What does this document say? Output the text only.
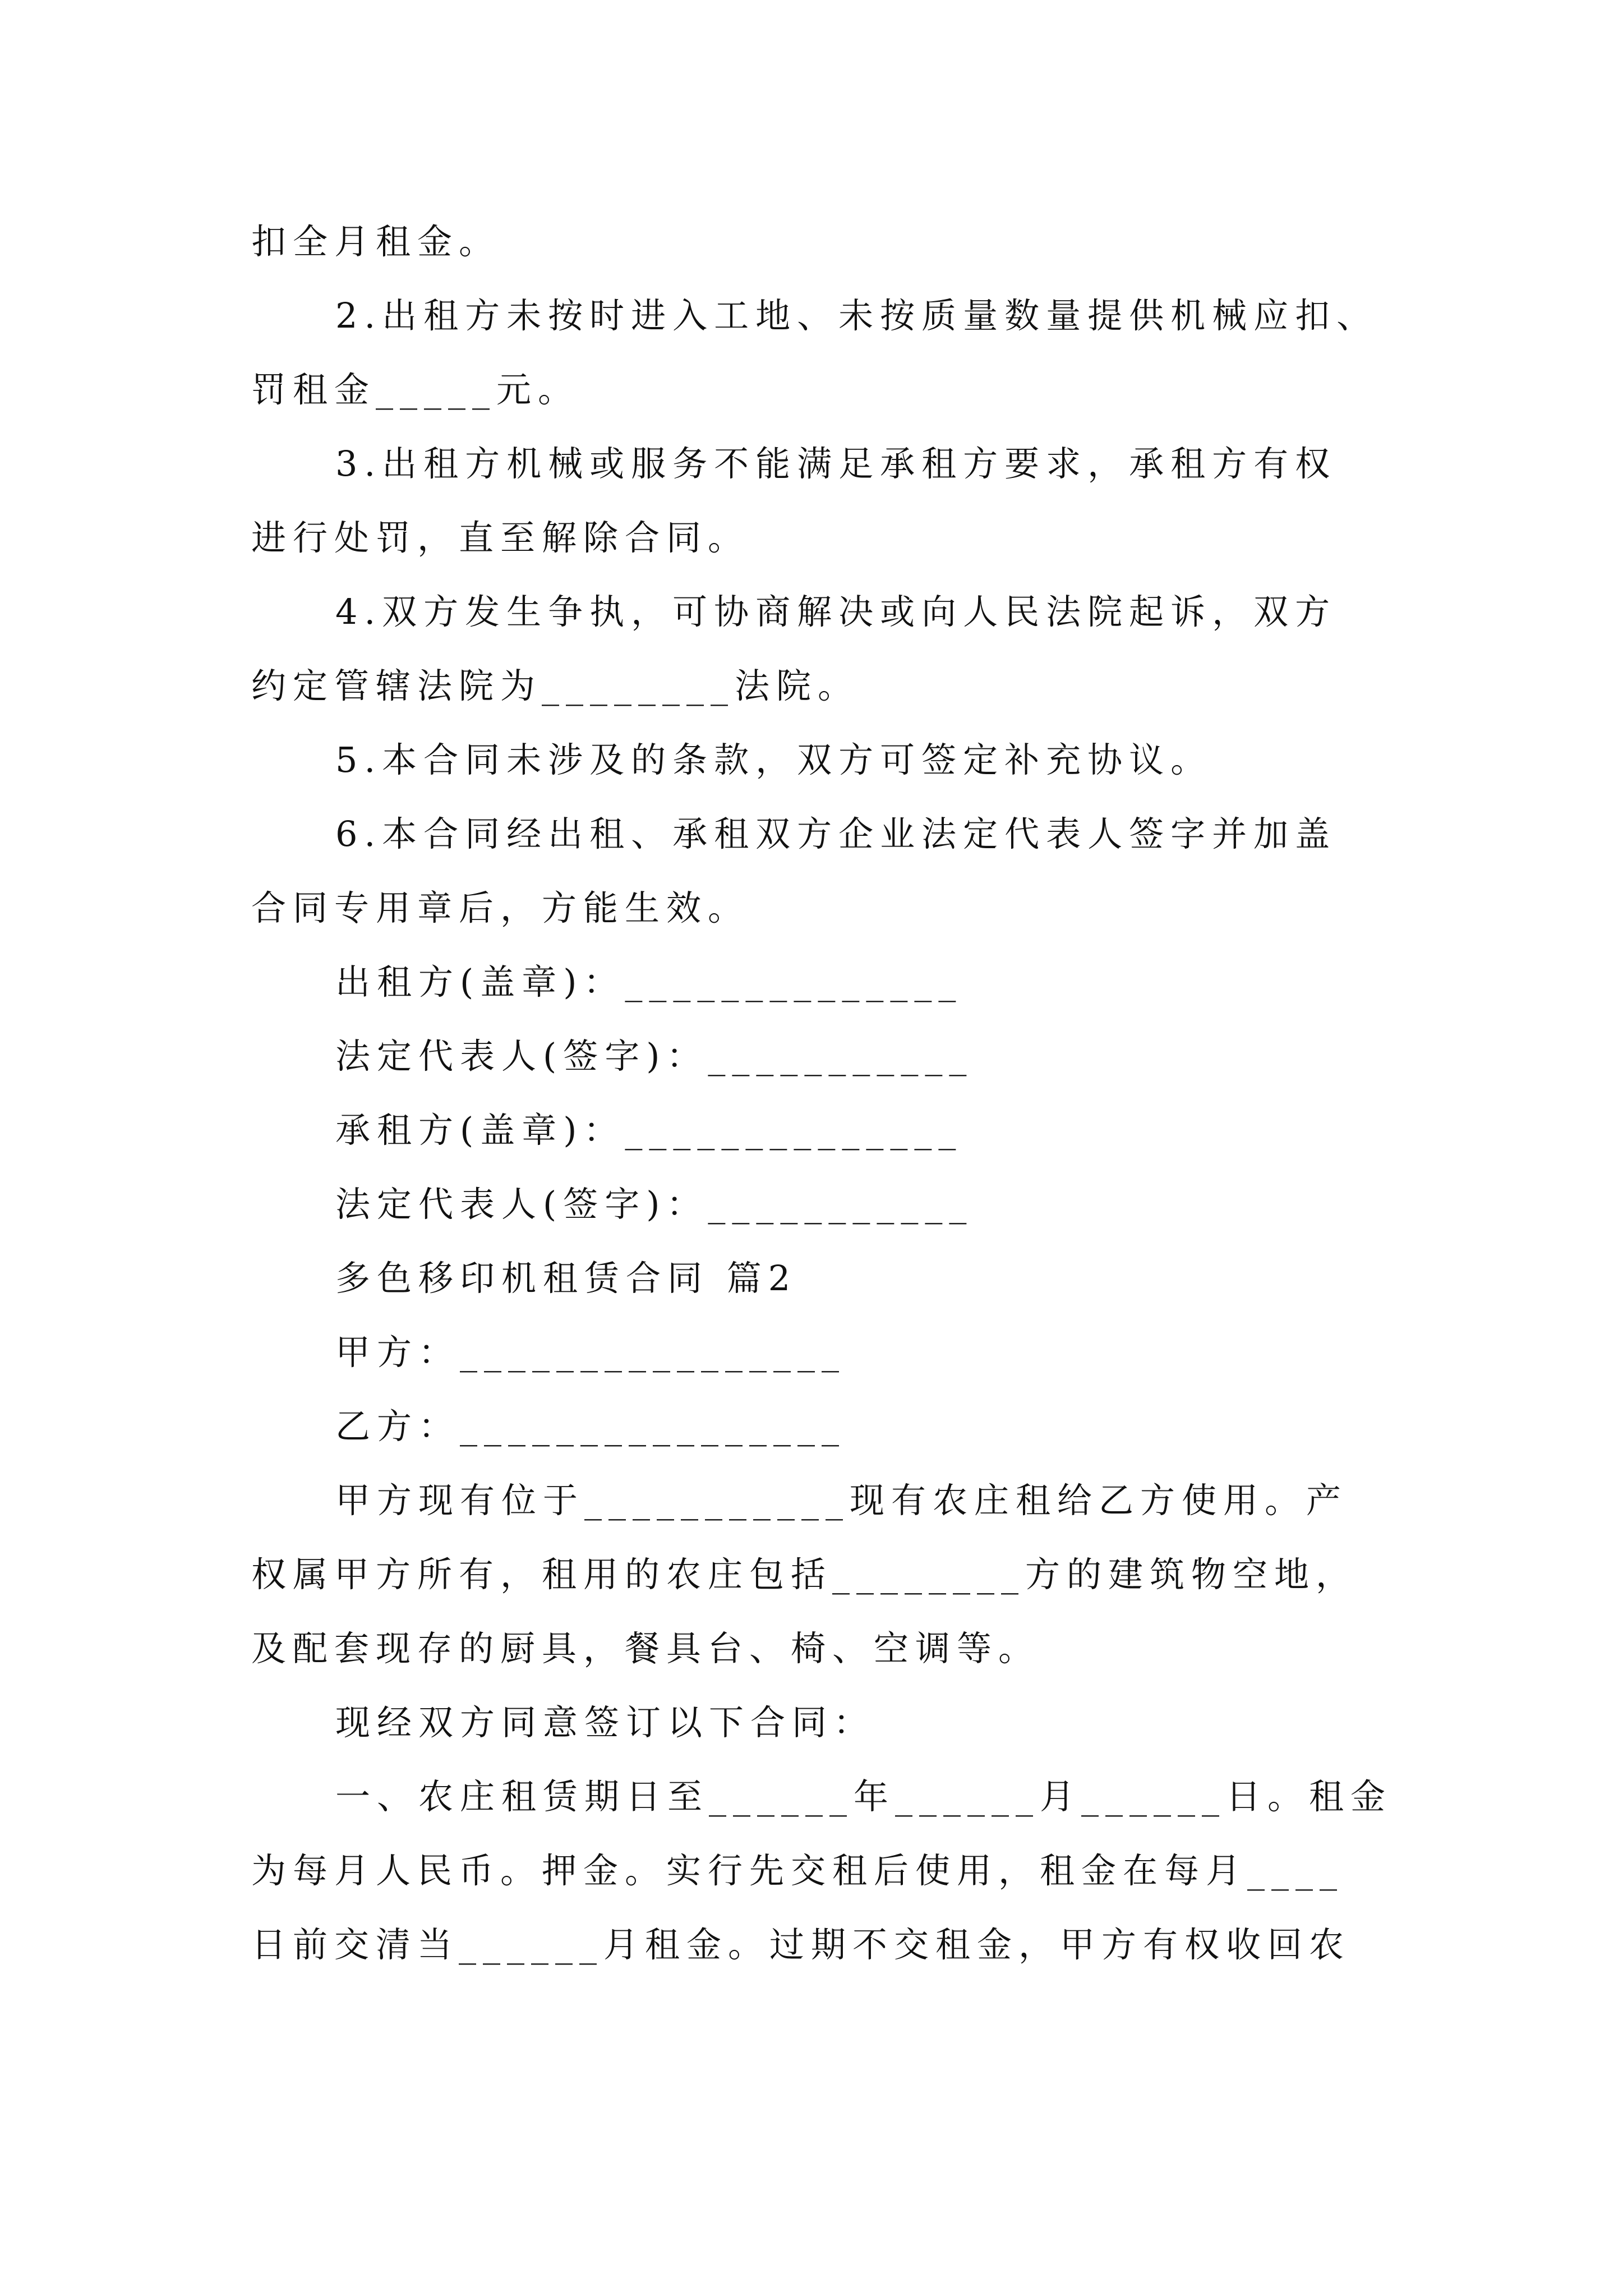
扣全月租金。
2.出租方未按时进入工地、未按质量数量提供机械应扣、
罚租金_____元。
3.出租方机械或服务不能满足承租方要求，承租方有权
进行处罚，直至解除合同。
4.双方发生争执，可协商解决或向人民法院起诉，双方
约定管辖法院为________法院。
5.本合同未涉及的条款，双方可签定补充协议。
6.本合同经出租、承租双方企业法定代表人签字并加盖
合同专用章后，方能生效。
出租方(盖章)：______________
法定代表人(签字)：___________
承租方(盖章)：______________
法定代表人(签字)：___________
多色移印机租赁合同 篇2
甲方：________________
乙方：________________
甲方现有位于___________现有农庄租给乙方使用。产
权属甲方所有，租用的农庄包括________方的建筑物空地，
及配套现存的厨具，餐具台、椅、空调等。
现经双方同意签订以下合同：
一、农庄租赁期日至______年______月______日。租金
为每月人民币。押金。实行先交租后使用，租金在每月____
日前交清当______月租金。过期不交租金，甲方有权收回农
